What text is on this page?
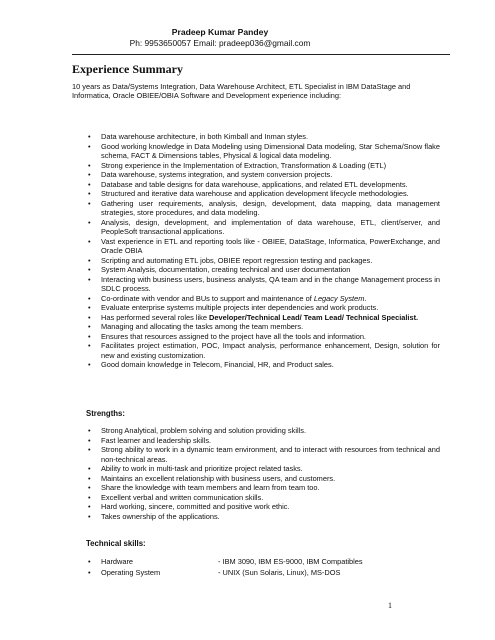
Pradeep Kumar Pandey
Ph: 9953650057 Email: pradeep036@gmail.com
Experience Summary
10 years as Data/Systems Integration, Data Warehouse Architect, ETL Specialist in IBM DataStage and Informatica, Oracle OBIEE/OBIA Software and Development experience including:
• Data warehouse architecture, in both Kimball and Inman styles.
• Good working knowledge in Data Modeling using Dimensional Data modeling, Star Schema/Snow flake schema, FACT & Dimensions tables, Physical & logical data modeling.
• Strong experience in the Implementation of Extraction, Transformation & Loading (ETL)
• Data warehouse, systems integration, and system conversion projects.
• Database and table designs for data warehouse, applications, and related ETL developments.
• Structured and iterative data warehouse and application development lifecycle methodologies.
• Gathering user requirements, analysis, design, development, data mapping, data management strategies, store procedures, and data modeling.
• Analysis, design, development, and implementation of data warehouse, ETL, client/server, and PeopleSoft transactional applications.
• Vast experience in ETL and reporting tools like - OBIEE, DataStage, Informatica, PowerExchange, and Oracle OBIA
• Scripting and automating ETL jobs, OBIEE report regression testing and packages.
• System Analysis, documentation, creating technical and user documentation
• Interacting with business users, business analysts, QA team and in the change Management process in SDLC process.
• Co-ordinate with vendor and BUs to support and maintenance of Legacy System.
• Evaluate enterprise systems multiple projects inter dependencies and work products.
• Has performed several roles like Developer/Technical Lead/ Team Lead/ Technical Specialist.
• Managing and allocating the tasks among the team members.
• Ensures that resources assigned to the project have all the tools and information.
• Facilitates project estimation, POC, Impact analysis, performance enhancement, Design, solution for new and existing customization.
• Good domain knowledge in Telecom, Financial, HR, and Product sales.
Strengths:
• Strong Analytical, problem solving and solution providing skills.
• Fast learner and leadership skills.
• Strong ability to work in a dynamic team environment, and to interact with resources from technical and non-technical areas.
• Ability to work in multi-task and prioritize project related tasks.
• Maintains an excellent relationship with business users, and customers.
• Share the knowledge with team members and learn from team too.
• Excellent verbal and written communication skills.
• Hard working, sincere, committed and positive work ethic.
• Takes ownership of the applications.
Technical skills:
• Hardware	- IBM 3090, IBM ES-9000, IBM Compatibles
• Operating System	- UNIX (Sun Solaris, Linux), MS-DOS
1
